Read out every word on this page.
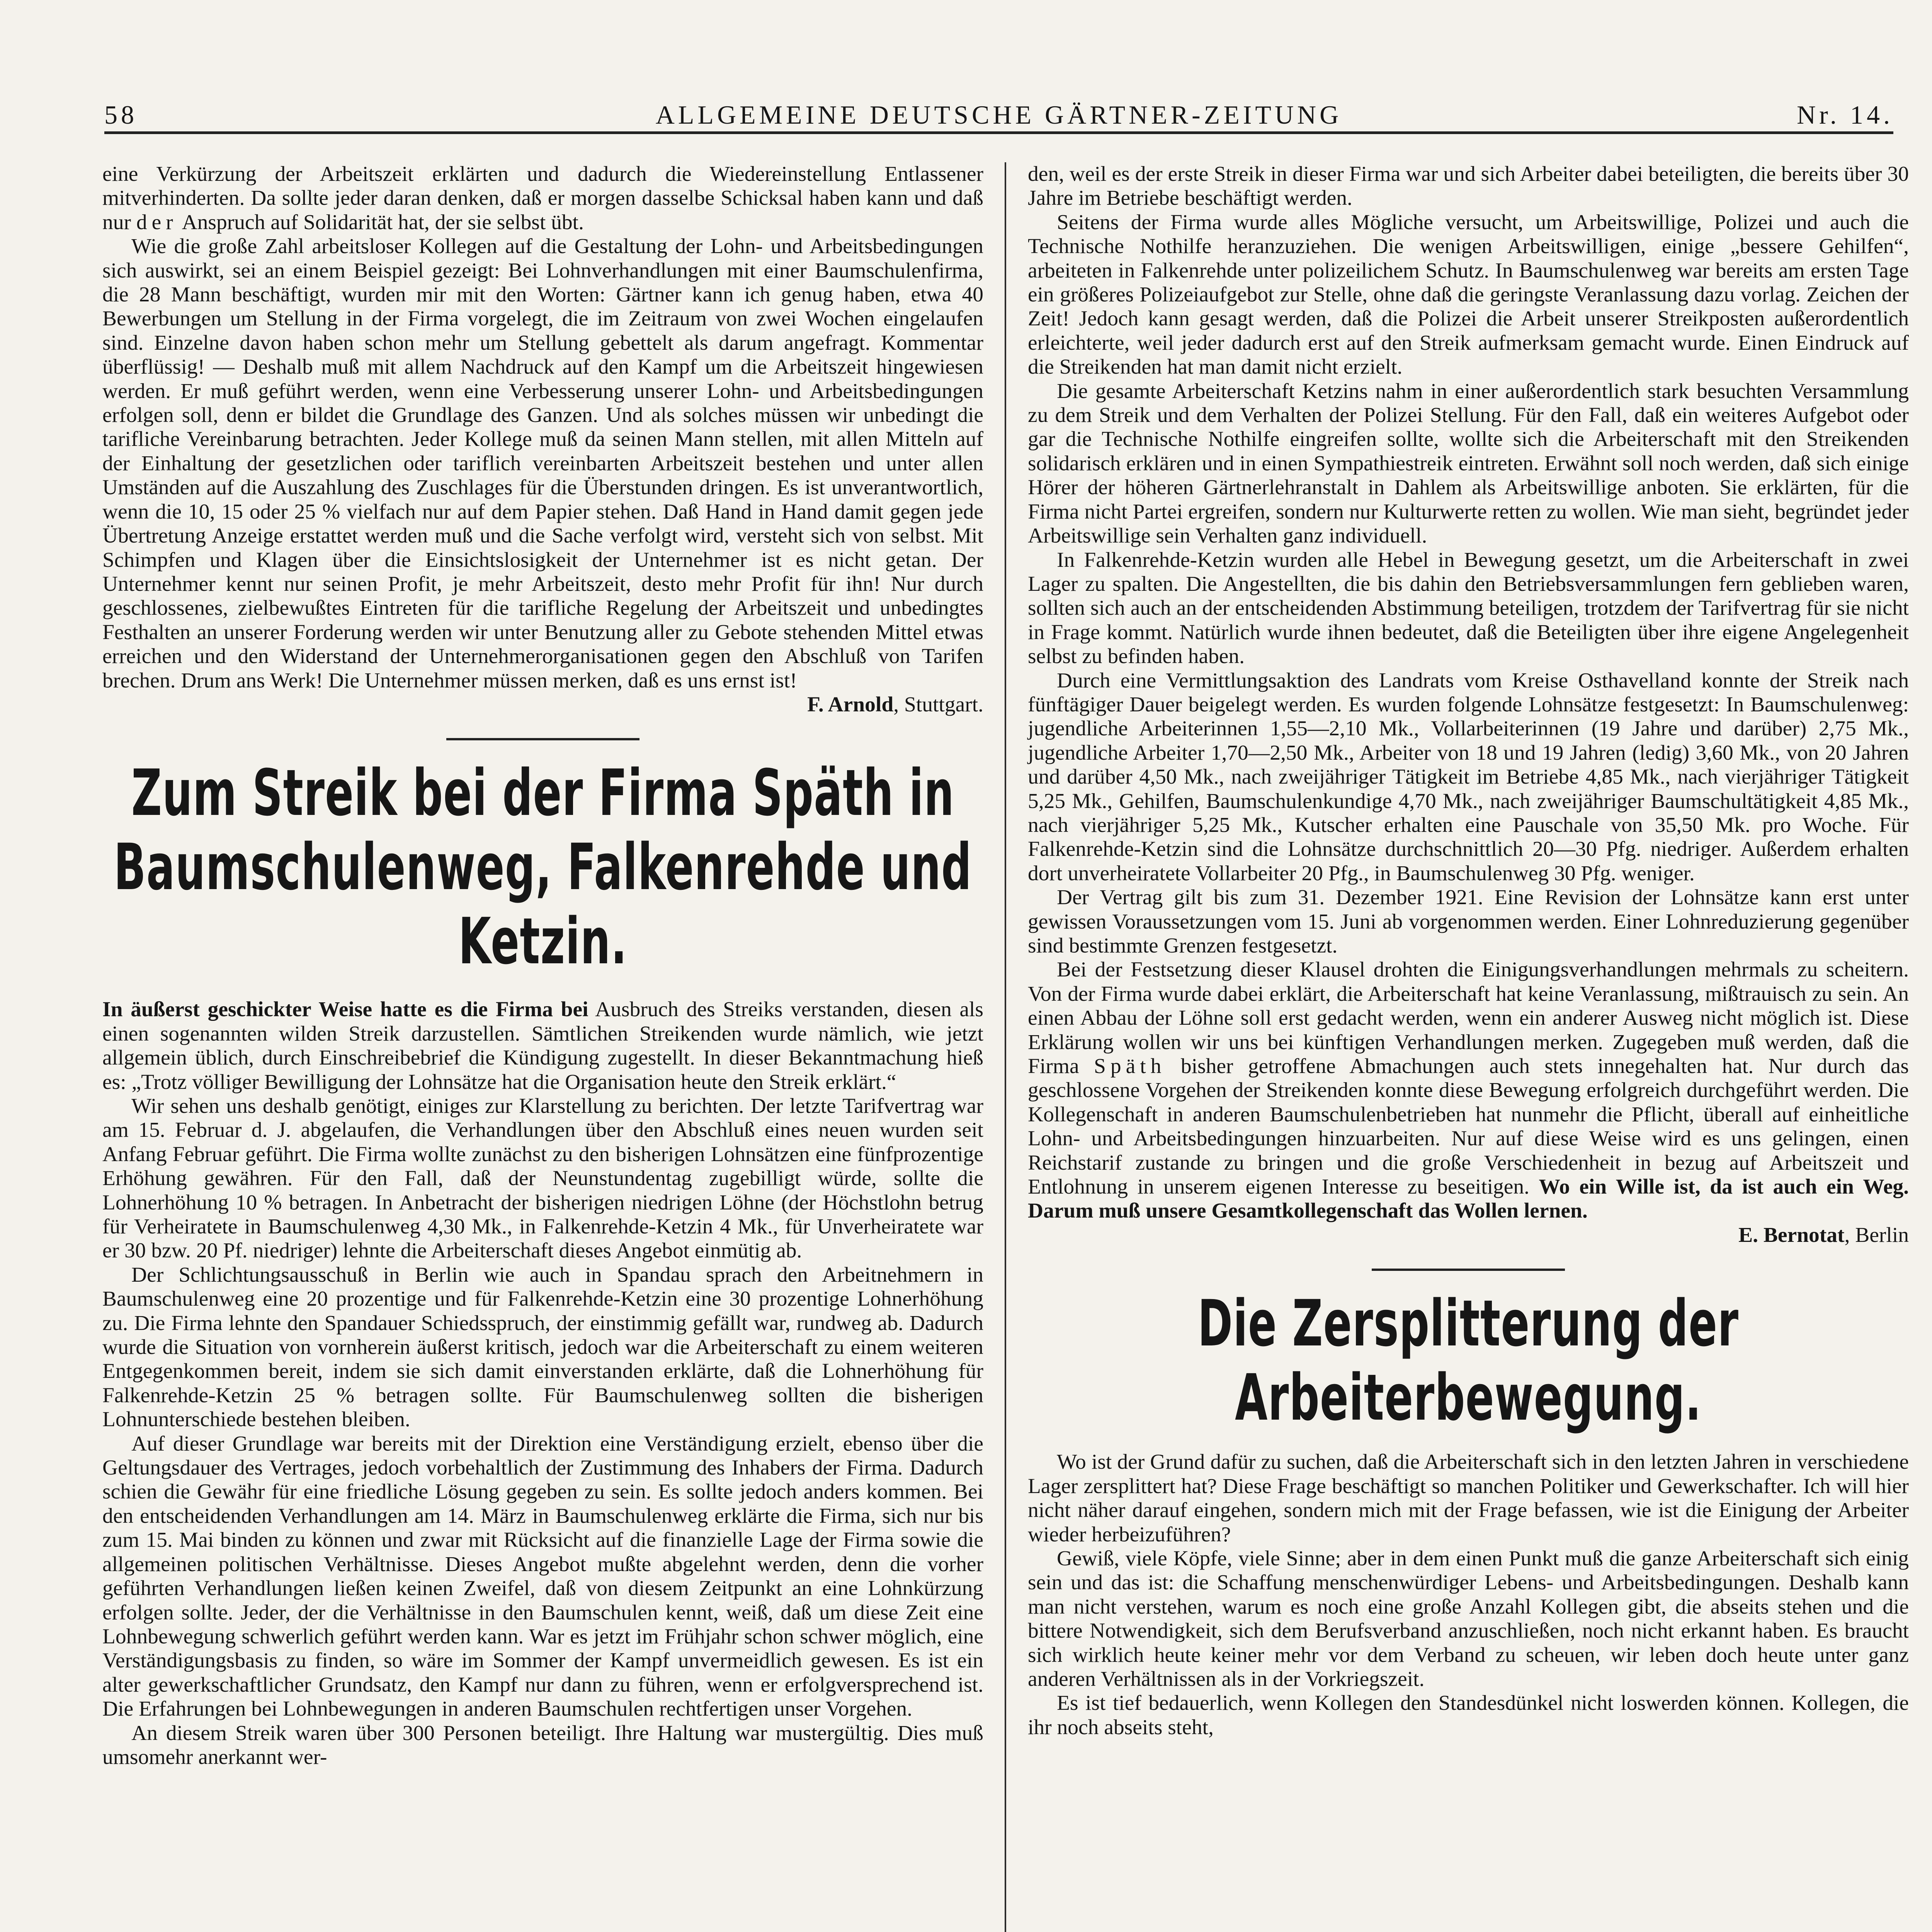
58	ALLGEMEINE DEUTSCHE GÄRTNER-ZEITUNG	Nr. 14.

eine Verkürzung der Arbeitszeit erklärten und dadurch die Wiedereinstellung Entlassener mitverhinderten. Da sollte jeder daran denken, daß er morgen dasselbe Schicksal haben kann und daß nur der Anspruch auf Solidarität hat, der sie selbst übt.

Wie die große Zahl arbeitsloser Kollegen auf die Gestaltung der Lohn- und Arbeitsbedingungen sich auswirkt, sei an einem Beispiel gezeigt: Bei Lohnverhandlungen mit einer Baumschulenfirma, die 28 Mann beschäftigt, wurden mir mit den Worten: Gärtner kann ich genug haben, etwa 40 Bewerbungen um Stellung in der Firma vorgelegt, die im Zeitraum von zwei Wochen eingelaufen sind. Einzelne davon haben schon mehr um Stellung gebettelt als darum angefragt. Kommentar überflüssig! — Deshalb muß mit allem Nachdruck auf den Kampf um die Arbeitszeit hingewiesen werden. Er muß geführt werden, wenn eine Verbesserung unserer Lohn- und Arbeitsbedingungen erfolgen soll, denn er bildet die Grundlage des Ganzen. Und als solches müssen wir unbedingt die tarifliche Vereinbarung betrachten. Jeder Kollege muß da seinen Mann stellen, mit allen Mitteln auf der Einhaltung der gesetzlichen oder tariflich vereinbarten Arbeitszeit bestehen und unter allen Umständen auf die Auszahlung des Zuschlages für die Überstunden dringen. Es ist unverantwortlich, wenn die 10, 15 oder 25 % vielfach nur auf dem Papier stehen. Daß Hand in Hand damit gegen jede Übertretung Anzeige erstattet werden muß und die Sache verfolgt wird, versteht sich von selbst. Mit Schimpfen und Klagen über die Einsichtslosigkeit der Unternehmer ist es nicht getan. Der Unternehmer kennt nur seinen Profit, je mehr Arbeitszeit, desto mehr Profit für ihn! Nur durch geschlossenes, zielbewußtes Eintreten für die tarifliche Regelung der Arbeitszeit und unbedingtes Festhalten an unserer Forderung werden wir unter Benutzung aller zu Gebote stehenden Mittel etwas erreichen und den Widerstand der Unternehmerorganisationen gegen den Abschluß von Tarifen brechen. Drum ans Werk! Die Unternehmer müssen merken, daß es uns ernst ist!

F. Arnold, Stuttgart.

Zum Streik bei der Firma Späth in Baumschulenweg, Falkenrehde und Ketzin.

In äußerst geschickter Weise hatte es die Firma bei Ausbruch des Streiks verstanden, diesen als einen sogenannten wilden Streik darzustellen. Sämtlichen Streikenden wurde nämlich, wie jetzt allgemein üblich, durch Einschreibebrief die Kündigung zugestellt. In dieser Bekanntmachung hieß es: „Trotz völliger Bewilligung der Lohnsätze hat die Organisation heute den Streik erklärt.“

Wir sehen uns deshalb genötigt, einiges zur Klarstellung zu berichten. Der letzte Tarifvertrag war am 15. Februar d. J. abgelaufen, die Verhandlungen über den Abschluß eines neuen wurden seit Anfang Februar geführt. Die Firma wollte zunächst zu den bisherigen Lohnsätzen eine fünfprozentige Erhöhung gewähren. Für den Fall, daß der Neunstundentag zugebilligt würde, sollte die Lohnerhöhung 10 % betragen. In Anbetracht der bisherigen niedrigen Löhne (der Höchstlohn betrug für Verheiratete in Baumschulenweg 4,30 Mk., in Falkenrehde-Ketzin 4 Mk., für Unverheiratete war er 30 bzw. 20 Pf. niedriger) lehnte die Arbeiterschaft dieses Angebot einmütig ab.

Der Schlichtungsausschuß in Berlin wie auch in Spandau sprach den Arbeitnehmern in Baumschulenweg eine 20 prozentige und für Falkenrehde-Ketzin eine 30 prozentige Lohnerhöhung zu. Die Firma lehnte den Spandauer Schiedsspruch, der einstimmig gefällt war, rundweg ab. Dadurch wurde die Situation von vornherein äußerst kritisch, jedoch war die Arbeiterschaft zu einem weiteren Entgegenkommen bereit, indem sie sich damit einverstanden erklärte, daß die Lohnerhöhung für Falkenrehde-Ketzin 25 % betragen sollte. Für Baumschulenweg sollten die bisherigen Lohnunterschiede bestehen bleiben.

Auf dieser Grundlage war bereits mit der Direktion eine Verständigung erzielt, ebenso über die Geltungsdauer des Vertrages, jedoch vorbehaltlich der Zustimmung des Inhabers der Firma. Dadurch schien die Gewähr für eine friedliche Lösung gegeben zu sein. Es sollte jedoch anders kommen. Bei den entscheidenden Verhandlungen am 14. März in Baumschulenweg erklärte die Firma, sich nur bis zum 15. Mai binden zu können und zwar mit Rücksicht auf die finanzielle Lage der Firma sowie die allgemeinen politischen Verhältnisse. Dieses Angebot mußte abgelehnt werden, denn die vorher geführten Verhandlungen ließen keinen Zweifel, daß von diesem Zeitpunkt an eine Lohnkürzung erfolgen sollte. Jeder, der die Verhältnisse in den Baumschulen kennt, weiß, daß um diese Zeit eine Lohnbewegung schwerlich geführt werden kann. War es jetzt im Frühjahr schon schwer möglich, eine Verständigungsbasis zu finden, so wäre im Sommer der Kampf unvermeidlich gewesen. Es ist ein alter gewerkschaftlicher Grundsatz, den Kampf nur dann zu führen, wenn er erfolgversprechend ist. Die Erfahrungen bei Lohnbewegungen in anderen Baumschulen rechtfertigen unser Vorgehen.

An diesem Streik waren über 300 Personen beteiligt. Ihre Haltung war mustergültig. Dies muß umsomehr anerkannt wer-

den, weil es der erste Streik in dieser Firma war und sich Arbeiter dabei beteiligten, die bereits über 30 Jahre im Betriebe beschäftigt werden.

Seitens der Firma wurde alles Mögliche versucht, um Arbeitswillige, Polizei und auch die Technische Nothilfe heranzuziehen. Die wenigen Arbeitswilligen, einige „bessere Gehilfen“, arbeiteten in Falkenrehde unter polizeilichem Schutz. In Baumschulenweg war bereits am ersten Tage ein größeres Polizeiaufgebot zur Stelle, ohne daß die geringste Veranlassung dazu vorlag. Zeichen der Zeit! Jedoch kann gesagt werden, daß die Polizei die Arbeit unserer Streikposten außerordentlich erleichterte, weil jeder dadurch erst auf den Streik aufmerksam gemacht wurde. Einen Eindruck auf die Streikenden hat man damit nicht erzielt.

Die gesamte Arbeiterschaft Ketzins nahm in einer außerordentlich stark besuchten Versammlung zu dem Streik und dem Verhalten der Polizei Stellung. Für den Fall, daß ein weiteres Aufgebot oder gar die Technische Nothilfe eingreifen sollte, wollte sich die Arbeiterschaft mit den Streikenden solidarisch erklären und in einen Sympathiestreik eintreten. Erwähnt soll noch werden, daß sich einige Hörer der höheren Gärtnerlehranstalt in Dahlem als Arbeitswillige anboten. Sie erklärten, für die Firma nicht Partei ergreifen, sondern nur Kulturwerte retten zu wollen. Wie man sieht, begründet jeder Arbeitswillige sein Verhalten ganz individuell.

In Falkenrehde-Ketzin wurden alle Hebel in Bewegung gesetzt, um die Arbeiterschaft in zwei Lager zu spalten. Die Angestellten, die bis dahin den Betriebsversammlungen fern geblieben waren, sollten sich auch an der entscheidenden Abstimmung beteiligen, trotzdem der Tarifvertrag für sie nicht in Frage kommt. Natürlich wurde ihnen bedeutet, daß die Beteiligten über ihre eigene Angelegenheit selbst zu befinden haben.

Durch eine Vermittlungsaktion des Landrats vom Kreise Osthavelland konnte der Streik nach fünftägiger Dauer beigelegt werden. Es wurden folgende Lohnsätze festgesetzt: In Baumschulenweg: jugendliche Arbeiterinnen 1,55—2,10 Mk., Vollarbeiterinnen (19 Jahre und darüber) 2,75 Mk., jugendliche Arbeiter 1,70—2,50 Mk., Arbeiter von 18 und 19 Jahren (ledig) 3,60 Mk., von 20 Jahren und darüber 4,50 Mk., nach zweijähriger Tätigkeit im Betriebe 4,85 Mk., nach vierjähriger Tätigkeit 5,25 Mk., Gehilfen, Baumschulenkundige 4,70 Mk., nach zweijähriger Baumschultätigkeit 4,85 Mk., nach vierjähriger 5,25 Mk., Kutscher erhalten eine Pauschale von 35,50 Mk. pro Woche. Für Falkenrehde-Ketzin sind die Lohnsätze durchschnittlich 20—30 Pfg. niedriger. Außerdem erhalten dort unverheiratete Vollarbeiter 20 Pfg., in Baumschulenweg 30 Pfg. weniger.

Der Vertrag gilt bis zum 31. Dezember 1921. Eine Revision der Lohnsätze kann erst unter gewissen Voraussetzungen vom 15. Juni ab vorgenommen werden. Einer Lohnreduzierung gegenüber sind bestimmte Grenzen festgesetzt.

Bei der Festsetzung dieser Klausel drohten die Einigungsverhandlungen mehrmals zu scheitern. Von der Firma wurde dabei erklärt, die Arbeiterschaft hat keine Veranlassung, mißtrauisch zu sein. An einen Abbau der Löhne soll erst gedacht werden, wenn ein anderer Ausweg nicht möglich ist. Diese Erklärung wollen wir uns bei künftigen Verhandlungen merken. Zugegeben muß werden, daß die Firma Späth bisher getroffene Abmachungen auch stets innegehalten hat. Nur durch das geschlossene Vorgehen der Streikenden konnte diese Bewegung erfolgreich durchgeführt werden. Die Kollegenschaft in anderen Baumschulenbetrieben hat nunmehr die Pflicht, überall auf einheitliche Lohn- und Arbeitsbedingungen hinzuarbeiten. Nur auf diese Weise wird es uns gelingen, einen Reichstarif zustande zu bringen und die große Verschiedenheit in bezug auf Arbeitszeit und Entlohnung in unserem eigenen Interesse zu beseitigen. Wo ein Wille ist, da ist auch ein Weg. Darum muß unsere Gesamtkollegenschaft das Wollen lernen.

E. Bernotat, Berlin

Die Zersplitterung der Arbeiterbewegung.

Wo ist der Grund dafür zu suchen, daß die Arbeiterschaft sich in den letzten Jahren in verschiedene Lager zersplittert hat? Diese Frage beschäftigt so manchen Politiker und Gewerkschafter. Ich will hier nicht näher darauf eingehen, sondern mich mit der Frage befassen, wie ist die Einigung der Arbeiter wieder herbeizuführen?

Gewiß, viele Köpfe, viele Sinne; aber in dem einen Punkt muß die ganze Arbeiterschaft sich einig sein und das ist: die Schaffung menschenwürdiger Lebens- und Arbeitsbedingungen. Deshalb kann man nicht verstehen, warum es noch eine große Anzahl Kollegen gibt, die abseits stehen und die bittere Notwendigkeit, sich dem Berufsverband anzuschließen, noch nicht erkannt haben. Es braucht sich wirklich heute keiner mehr vor dem Verband zu scheuen, wir leben doch heute unter ganz anderen Verhältnissen als in der Vorkriegszeit.

Es ist tief bedauerlich, wenn Kollegen den Standesdünkel nicht loswerden können. Kollegen, die ihr noch abseits steht,
